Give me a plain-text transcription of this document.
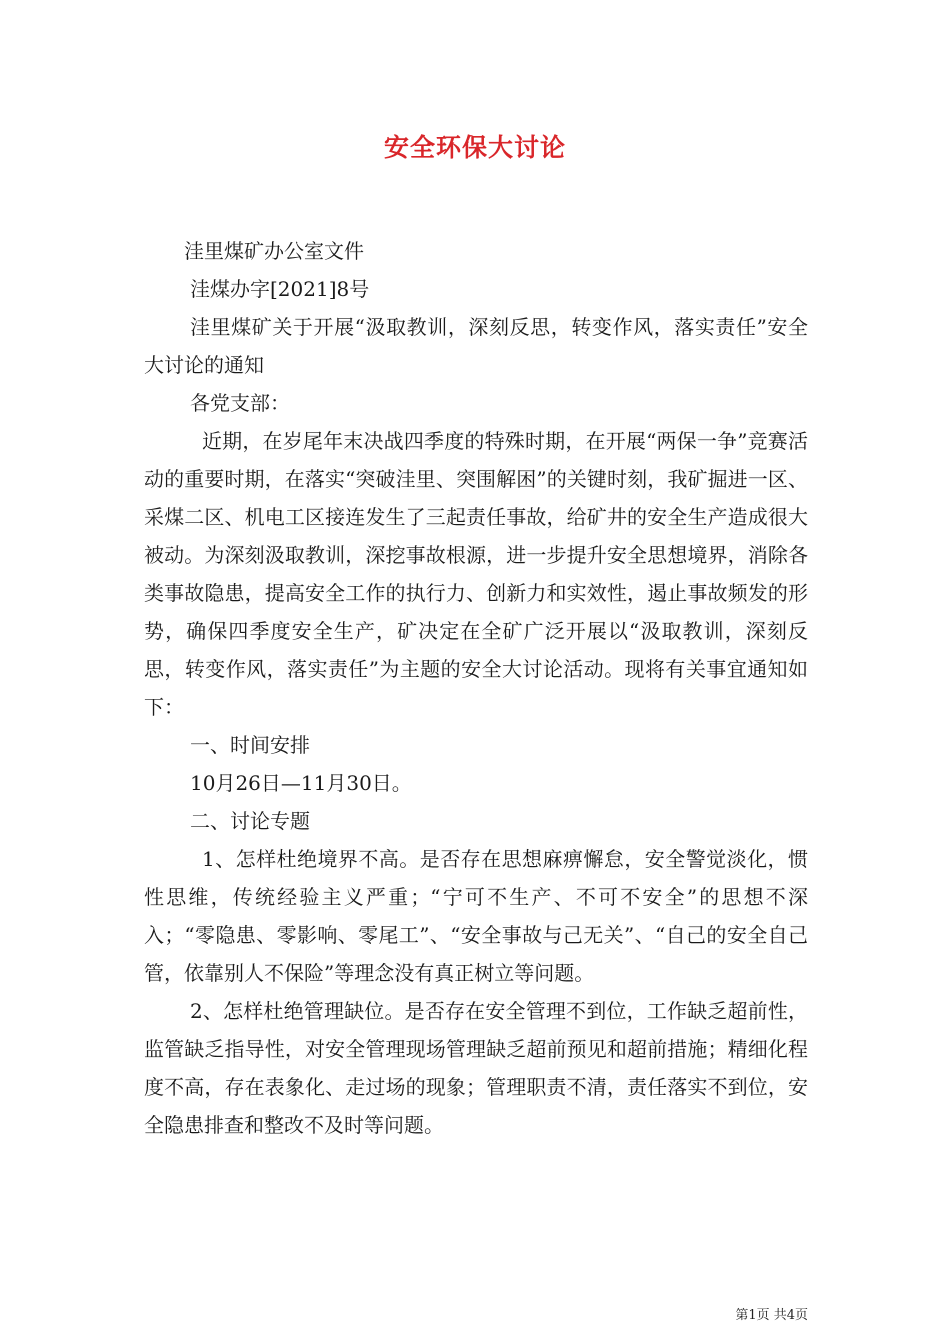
安全环保大讨论

洼里煤矿办公室文件

洼煤办字[2021]8号

洼里煤矿关于开展“汲取教训，深刻反思，转变作风，落实责任”安全大讨论的通知

各党支部：

近期，在岁尾年末决战四季度的特殊时期，在开展“两保一争”竞赛活动的重要时期，在落实“突破洼里、突围解困”的关键时刻，我矿掘进一区、采煤二区、机电工区接连发生了三起责任事故，给矿井的安全生产造成很大被动。为深刻汲取教训，深挖事故根源，进一步提升安全思想境界，消除各类事故隐患，提高安全工作的执行力、创新力和实效性，遏止事故频发的形势，确保四季度安全生产，矿决定在全矿广泛开展以“汲取教训，深刻反思，转变作风，落实责任”为主题的安全大讨论活动。现将有关事宜通知如下：

一、时间安排

10月26日—11月30日。

二、讨论专题

1、怎样杜绝境界不高。是否存在思想麻痹懈怠，安全警觉淡化，惯性思维，传统经验主义严重；“宁可不生产、不可不安全”的思想不深入；“零隐患、零影响、零尾工”、“安全事故与己无关”、“自己的安全自己管，依靠别人不保险”等理念没有真正树立等问题。

2、怎样杜绝管理缺位。是否存在安全管理不到位，工作缺乏超前性，监管缺乏指导性，对安全管理现场管理缺乏超前预见和超前措施；精细化程度不高，存在表象化、走过场的现象；管理职责不清，责任落实不到位，安全隐患排查和整改不及时等问题。

第1页 共4页
